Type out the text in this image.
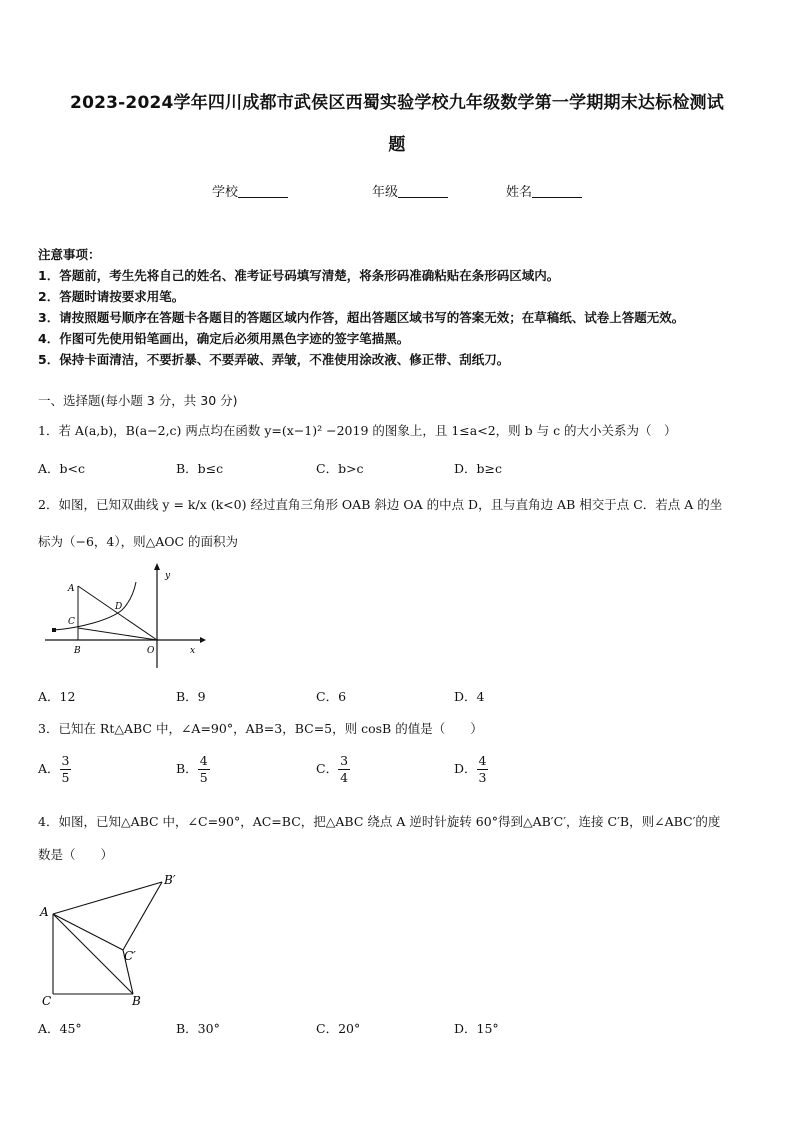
2023-2024学年四川成都市武侯区西蜀实验学校九年级数学第一学期期末达标检测试
题
学校	年级	姓名
注意事项：
1．答题前，考生先将自己的姓名、准考证号码填写清楚，将条形码准确粘贴在条形码区域内。
2．答题时请按要求用笔。
3．请按照题号顺序在答题卡各题目的答题区域内作答，超出答题区域书写的答案无效；在草稿纸、试卷上答题无效。
4．作图可先使用铅笔画出，确定后必须用黑色字迹的签字笔描黑。
5．保持卡面清洁，不要折暴、不要弄破、弄皱，不准使用涂改液、修正带、刮纸刀。
一、选择题(每小题 3 分，共 30 分)
1．若 A(a,b)，B(a−2,c) 两点均在函数 y=(x−1)² −2019 的图象上，且 1≤a<2，则 b 与 c 的大小关系为（　）
A．b<c	B．b≤c	C．b>c	D．b≥c
2．如图，已知双曲线 y = k/x (k<0) 经过直角三角形 OAB 斜边 OA 的中点 D，且与直角边 AB 相交于点 C．若点 A 的坐
标为（−6，4），则△AOC 的面积为
A
D
C
B	O	x
y
A．12	B．9	C．6	D．4
3．已知在 Rt△ABC 中，∠A=90°，AB=3，BC=5，则 cosB 的值是（　　）
A． $\frac{3}{5}$	B． $\frac{4}{5}$	C． $\frac{3}{4}$	D． $\frac{4}{3}$
4．如图，已知△ABC 中，∠C=90°，AC=BC，把△ABC 绕点 A 逆时针旋转 60°得到△AB′C′，连接 C′B，则∠ABC′的度
数是（　　）
A
C	B
B′
C′
A．45°	B．30°	C．20°	D．15°
